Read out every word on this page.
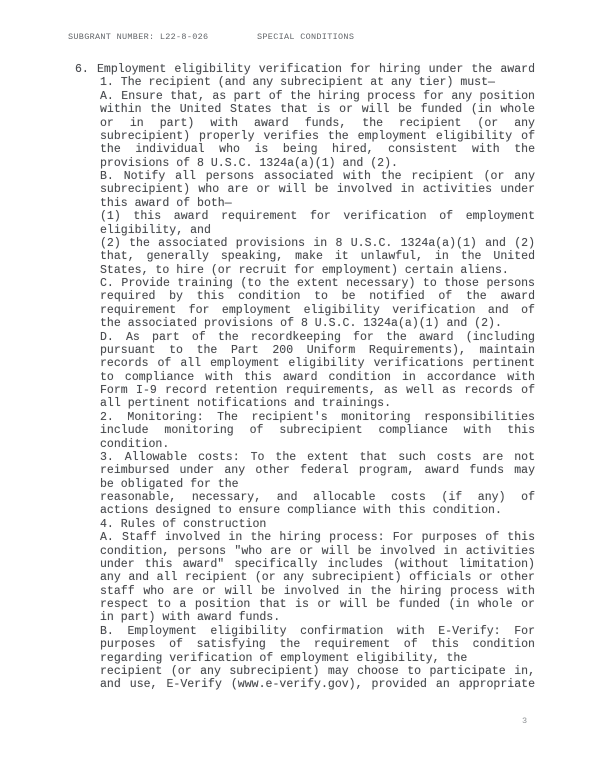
SUBGRANT NUMBER: L22-8-026	SPECIAL CONDITIONS
6. Employment eligibility verification for hiring under the award
1. The recipient (and any subrecipient at any tier) must—
A. Ensure that, as part of the hiring process for any position
within the United States that is or will be funded (in whole
or in part) with award funds, the recipient (or any
subrecipient) properly verifies the employment eligibility of
the individual who is being hired, consistent with the
provisions of 8 U.S.C. 1324a(a)(1) and (2).
B. Notify all persons associated with the recipient (or any
subrecipient) who are or will be involved in activities under
this award of both—
(1) this award requirement for verification of employment
eligibility, and
(2) the associated provisions in 8 U.S.C. 1324a(a)(1) and (2)
that, generally speaking, make it unlawful, in the United
States, to hire (or recruit for employment) certain aliens.
C. Provide training (to the extent necessary) to those persons
required by this condition to be notified of the award
requirement for employment eligibility verification and of
the associated provisions of 8 U.S.C. 1324a(a)(1) and (2).
D. As part of the recordkeeping for the award (including
pursuant to the Part 200 Uniform Requirements), maintain
records of all employment eligibility verifications pertinent
to compliance with this award condition in accordance with
Form I-9 record retention requirements, as well as records of
all pertinent notifications and trainings.
2. Monitoring: The recipient's monitoring responsibilities
include monitoring of subrecipient compliance with this
condition.
3. Allowable costs: To the extent that such costs are not
reimbursed under any other federal program, award funds may
be obligated for the
reasonable, necessary, and allocable costs (if any) of
actions designed to ensure compliance with this condition.
4. Rules of construction
A. Staff involved in the hiring process: For purposes of this
condition, persons "who are or will be involved in activities
under this award" specifically includes (without limitation)
any and all recipient (or any subrecipient) officials or other
staff who are or will be involved in the hiring process with
respect to a position that is or will be funded (in whole or
in part) with award funds.
B. Employment eligibility confirmation with E-Verify: For
purposes of satisfying the requirement of this condition
regarding verification of employment eligibility, the
recipient (or any subrecipient) may choose to participate in,
and use, E-Verify (www.e-verify.gov), provided an appropriate
3
